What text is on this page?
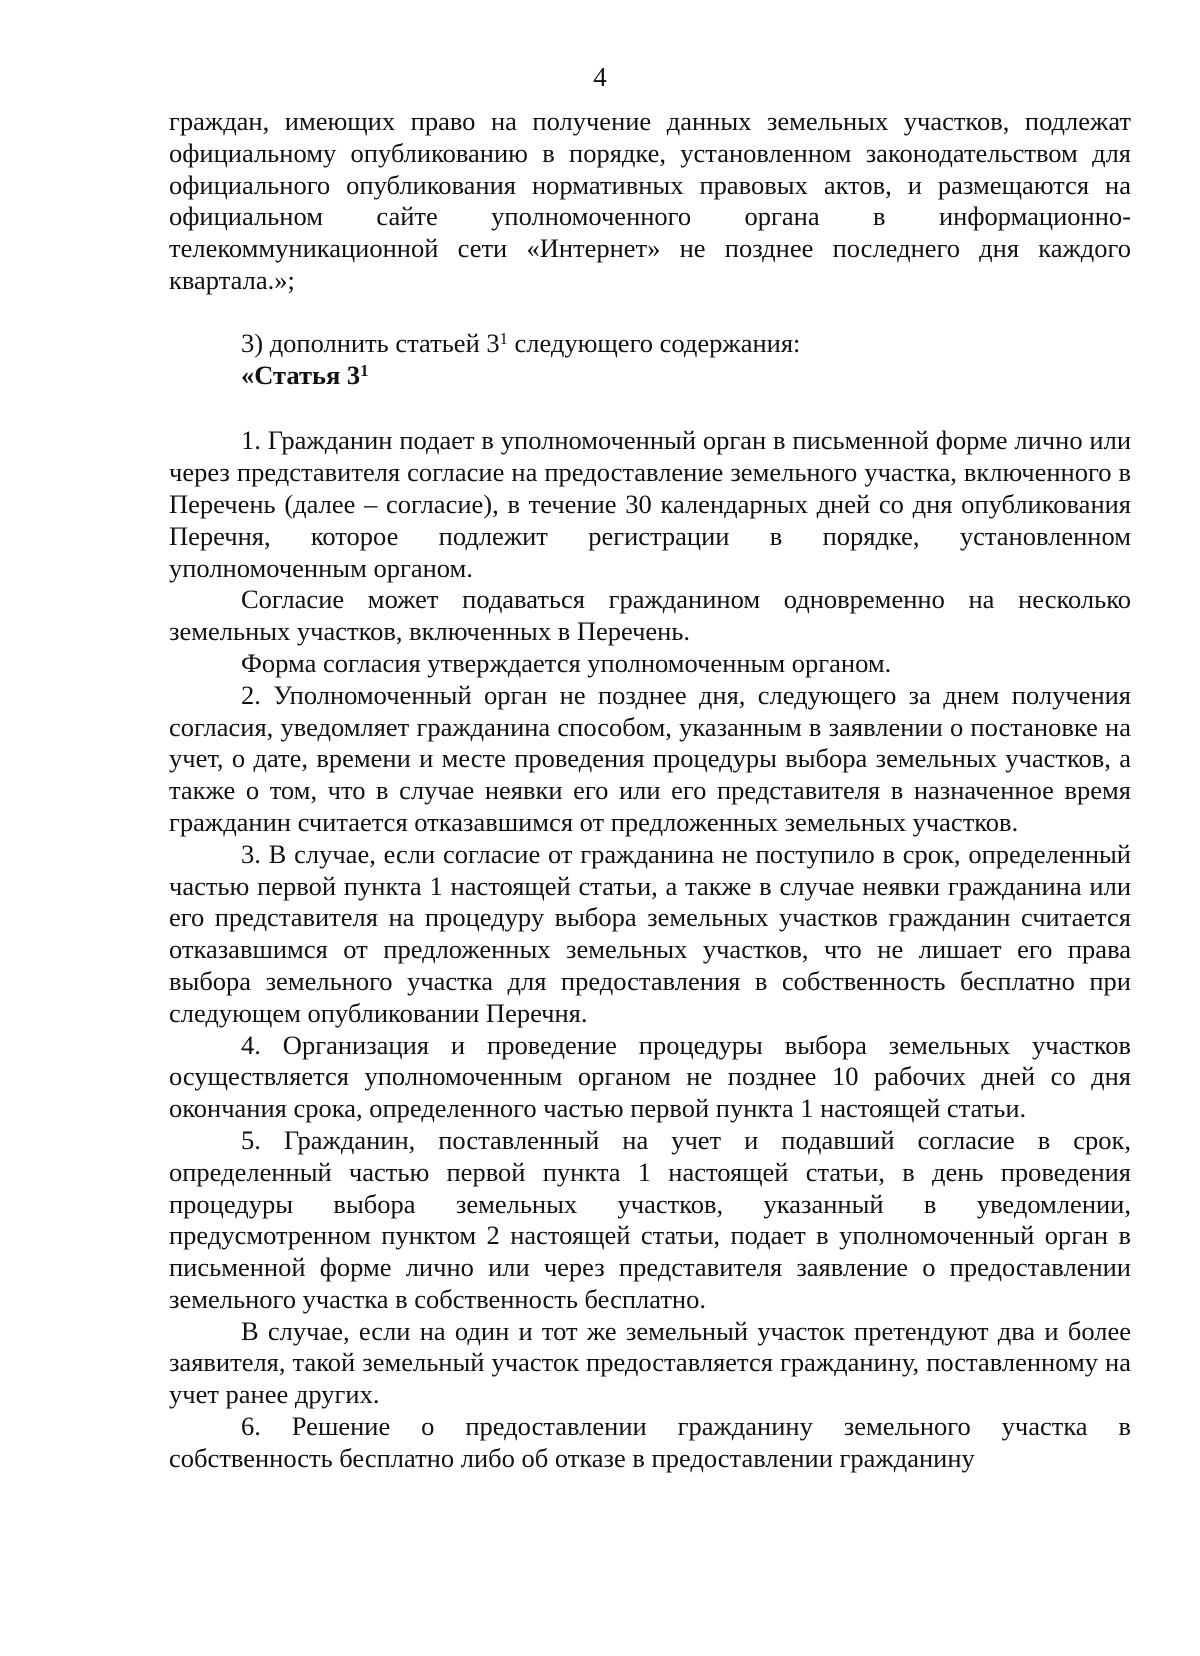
4

граждан, имеющих право на получение данных земельных участков, подлежат официальному опубликованию в порядке, установленном законодательством для официального опубликования нормативных правовых актов, и размещаются на официальном сайте уполномоченного органа в информационно-телекоммуникационной сети «Интернет» не позднее последнего дня каждого квартала.»;

3) дополнить статьей $3^1$ следующего содержания:

«Статья $3^1$

1. Гражданин подает в уполномоченный орган в письменной форме лично или через представителя согласие на предоставление земельного участка, включенного в Перечень (далее – согласие), в течение 30 календарных дней со дня опубликования Перечня, которое подлежит регистрации в порядке, установленном уполномоченным органом.

Согласие может подаваться гражданином одновременно на несколько земельных участков, включенных в Перечень.

Форма согласия утверждается уполномоченным органом.

2. Уполномоченный орган не позднее дня, следующего за днем получения согласия, уведомляет гражданина способом, указанным в заявлении о постановке на учет, о дате, времени и месте проведения процедуры выбора земельных участков, а также о том, что в случае неявки его или его представителя в назначенное время гражданин считается отказавшимся от предложенных земельных участков.

3. В случае, если согласие от гражданина не поступило в срок, определенный частью первой пункта 1 настоящей статьи, а также в случае неявки гражданина или его представителя на процедуру выбора земельных участков гражданин считается отказавшимся от предложенных земельных участков, что не лишает его права выбора земельного участка для предоставления в собственность бесплатно при следующем опубликовании Перечня.

4. Организация и проведение процедуры выбора земельных участков осуществляется уполномоченным органом не позднее 10 рабочих дней со дня окончания срока, определенного частью первой пункта 1 настоящей статьи.

5. Гражданин, поставленный на учет и подавший согласие в срок, определенный частью первой пункта 1 настоящей статьи, в день проведения процедуры выбора земельных участков, указанный в уведомлении, предусмотренном пунктом 2 настоящей статьи, подает в уполномоченный орган в письменной форме лично или через представителя заявление о предоставлении земельного участка в собственность бесплатно.

В случае, если на один и тот же земельный участок претендуют два и более заявителя, такой земельный участок предоставляется гражданину, поставленному на учет ранее других.

6. Решение о предоставлении гражданину земельного участка в собственность бесплатно либо об отказе в предоставлении гражданину
